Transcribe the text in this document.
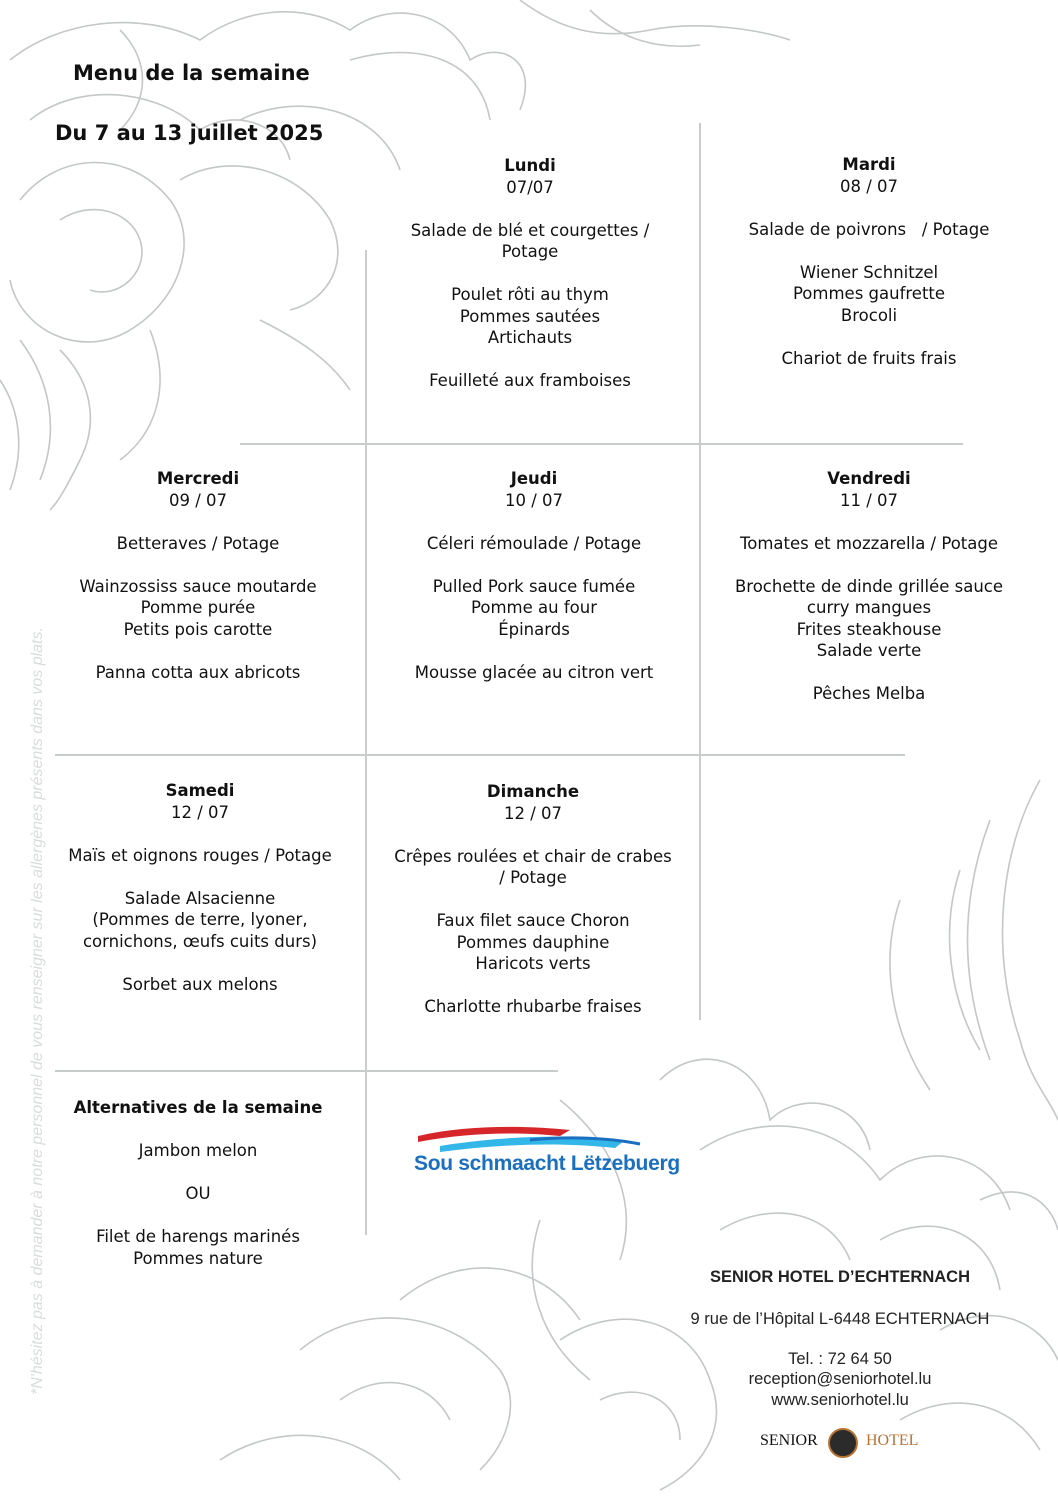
Menu de la semaine
Du 7 au 13 juillet 2025
Lundi
07/07
Salade de blé et courgettes /
Potage
Poulet rôti au thym
Pommes sautées
Artichauts
Feuilleté aux framboises
Mardi
08 / 07
Salade de poivrons   / Potage
Wiener Schnitzel
Pommes gaufrette
Brocoli
Chariot de fruits frais
Mercredi
09 / 07
Betteraves / Potage
Wainzossiss sauce moutarde
Pomme purée
Petits pois carotte
Panna cotta aux abricots
Jeudi
10 / 07
Céleri rémoulade / Potage
Pulled Pork sauce fumée
Pomme au four
Épinards
Mousse glacée au citron vert
Vendredi
11 / 07
Tomates et mozzarella / Potage
Brochette de dinde grillée sauce
curry mangues
Frites steakhouse
Salade verte
Pêches Melba
Samedi
12 / 07
Maïs et oignons rouges / Potage
Salade Alsacienne
(Pommes de terre, lyoner,
cornichons, œufs cuits durs)
Sorbet aux melons
Dimanche
12 / 07
Crêpes roulées et chair de crabes
/ Potage
Faux filet sauce Choron
Pommes dauphine
Haricots verts
Charlotte rhubarbe fraises
Alternatives de la semaine
Jambon melon
OU
Filet de harengs marinés
Pommes nature
Sou schmaacht Lëtzebuerg
SENIOR HOTEL D’ECHTERNACH
9 rue de l’Hôpital L-6448 ECHTERNACH
Tel. : 72 64 50
reception@seniorhotel.lu
www.seniorhotel.lu
SENIOR	HOTEL
*N'hésitez pas à demander à notre personnel de vous renseigner sur les allergènes présents dans vos plats.
